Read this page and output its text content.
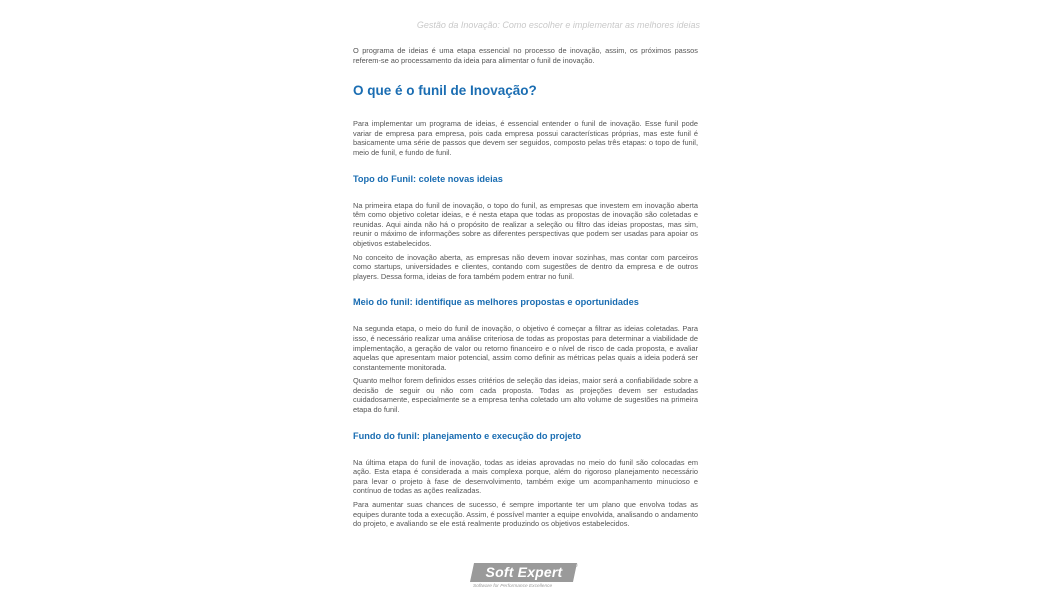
Gestão da Inovação: Como escolher e implementar as melhores ideias

O programa de ideias é uma etapa essencial no processo de inovação, assim, os próximos passos referem-se ao processamento da ideia para alimentar o funil de inovação.

O que é o funil de Inovação?

Para implementar um programa de ideias, é essencial entender o funil de inovação. Esse funil pode variar de empresa para empresa, pois cada empresa possui características próprias, mas este funil é basicamente uma série de passos que devem ser seguidos, composto pelas três etapas: o topo de funil, meio de funil, e fundo de funil.

Topo do Funil: colete novas ideias

Na primeira etapa do funil de inovação, o topo do funil, as empresas que investem em inovação aberta têm como objetivo coletar ideias, e é nesta etapa que todas as propostas de inovação são coletadas e reunidas. Aqui ainda não há o propósito de realizar a seleção ou filtro das ideias propostas, mas sim, reunir o máximo de informações sobre as diferentes perspectivas que podem ser usadas para apoiar os objetivos estabelecidos.

No conceito de inovação aberta, as empresas não devem inovar sozinhas, mas contar com parceiros como startups, universidades e clientes, contando com sugestões de dentro da empresa e de outros players. Dessa forma, ideias de fora também podem entrar no funil.

Meio do funil: identifique as melhores propostas e oportunidades

Na segunda etapa, o meio do funil de inovação, o objetivo é começar a filtrar as ideias coletadas. Para isso, é necessário realizar uma análise criteriosa de todas as propostas para determinar a viabilidade de implementação, a geração de valor ou retorno financeiro e o nível de risco de cada proposta, e avaliar aquelas que apresentam maior potencial, assim como definir as métricas pelas quais a ideia poderá ser constantemente monitorada.

Quanto melhor forem definidos esses critérios de seleção das ideias, maior será a confiabilidade sobre a decisão de seguir ou não com cada proposta. Todas as projeções devem ser estudadas cuidadosamente, especialmente se a empresa tenha coletado um alto volume de sugestões na primeira etapa do funil.

Fundo do funil: planejamento e execução do projeto

Na última etapa do funil de inovação, todas as ideias aprovadas no meio do funil são colocadas em ação. Esta etapa é considerada a mais complexa porque, além do rigoroso planejamento necessário para levar o projeto à fase de desenvolvimento, também exige um acompanhamento minucioso e contínuo de todas as ações realizadas.

Para aumentar suas chances de sucesso, é sempre importante ter um plano que envolva todas as equipes durante toda a execução. Assim, é possível manter a equipe envolvida, analisando o andamento do projeto, e avaliando se ele está realmente produzindo os objetivos estabelecidos.

Soft Expert	®
Software for Performance Excellence
